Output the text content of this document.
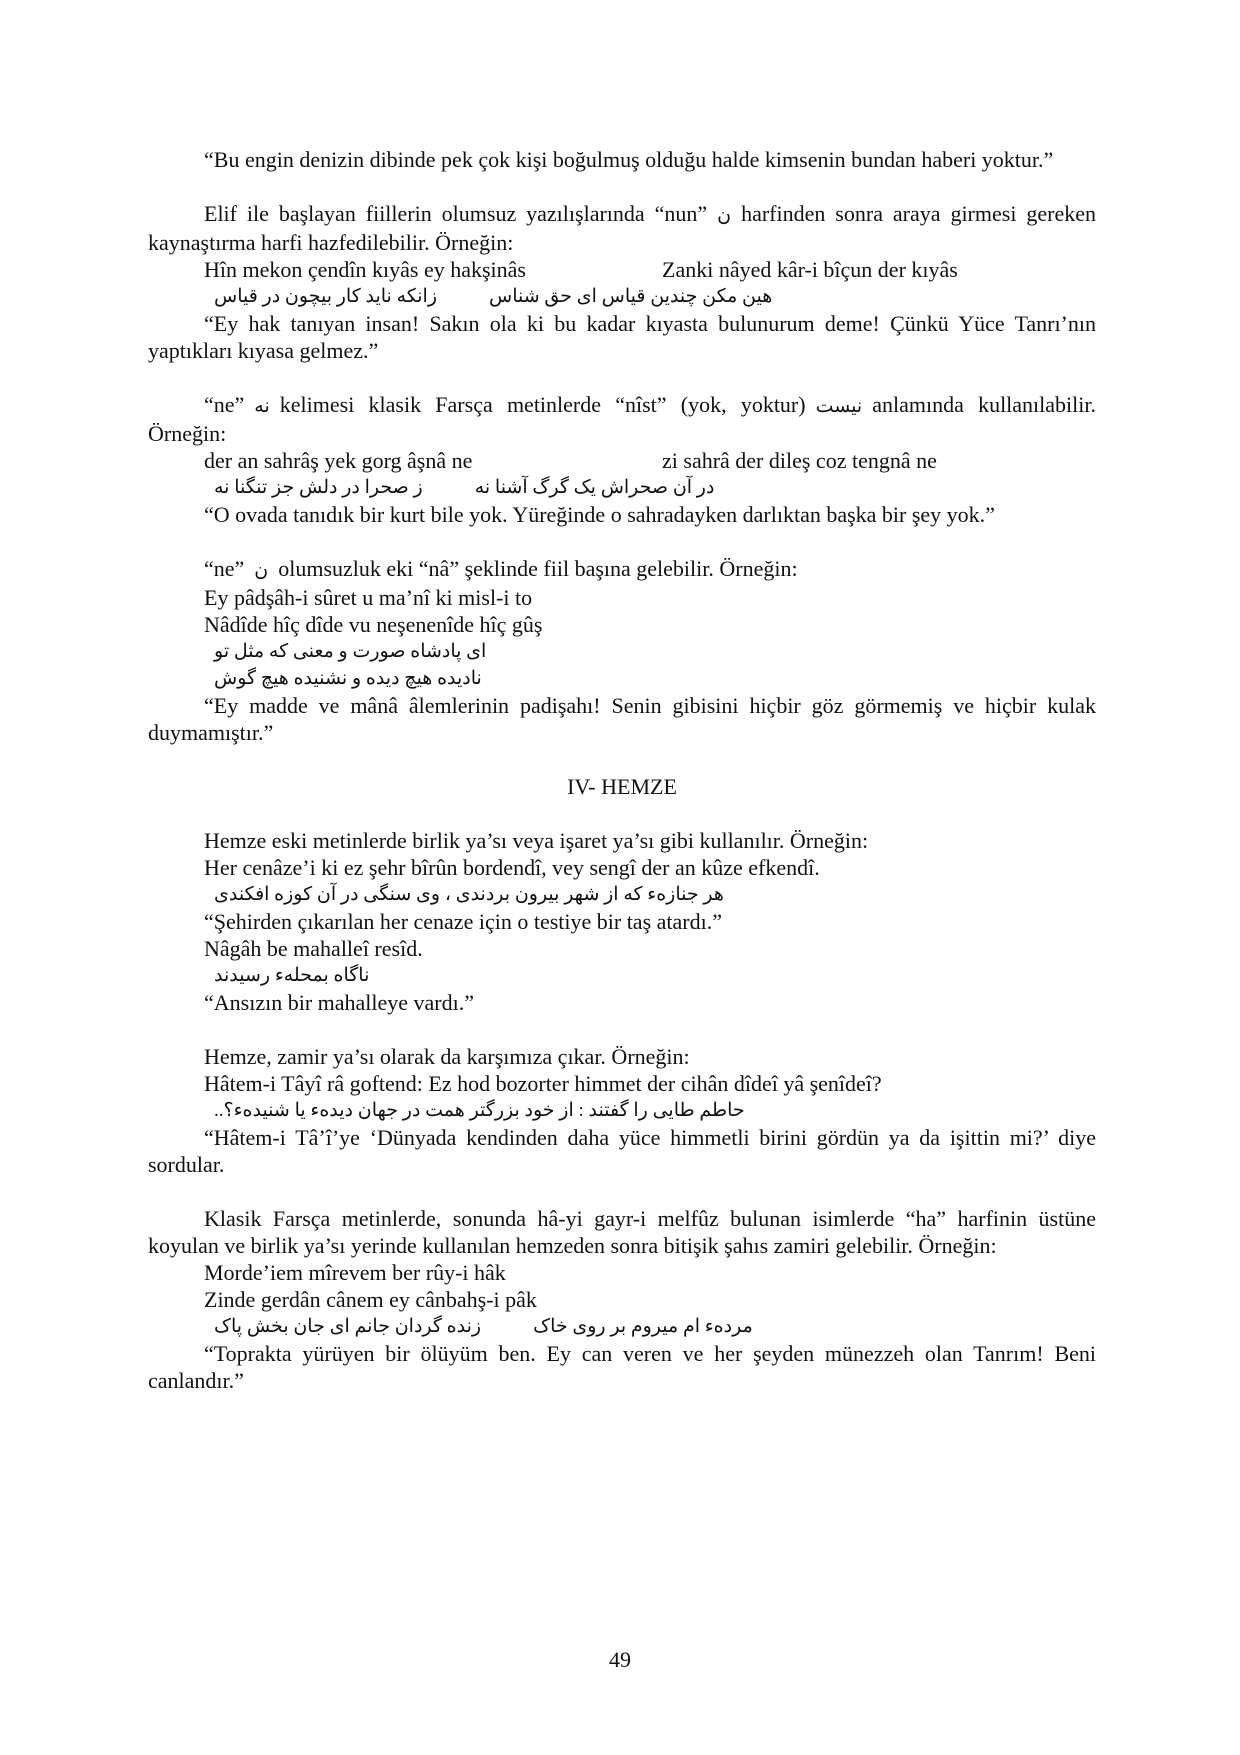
“Bu engin denizin dibinde pek çok kişi boğulmuş olduğu halde kimsenin bundan haberi yoktur.”

Elif ile başlayan fiillerin olumsuz yazılışlarında “nun” ن harfinden sonra araya girmesi gereken kaynaştırma harfi hazfedilebilir. Örneğin:

Hîn mekon çendîn kıyâs ey hakşinâs	Zanki nâyed kâr-i bîçun der kıyâs
هین مکن چندین قیاس ای حق شناس
زانکه ناید کار بیچون در قیاس

“Ey hak tanıyan insan! Sakın ola ki bu kadar kıyasta bulunurum deme! Çünkü Yüce Tanrı’nın yaptıkları kıyasa gelmez.”

“ne” نه kelimesi klasik Farsça metinlerde “nîst” (yok, yoktur) نیست anlamında kullanılabilir. Örneğin:

der an sahrâş yek gorg âşnâ ne	zi sahrâ der dileş coz tengnâ ne
در آن صحراش یک گرگ آشنا نه
ز صحرا در دلش جز تنگنا نه

“O ovada tanıdık bir kurt bile yok. Yüreğinde o sahradayken darlıktan başka bir şey yok.”

“ne” ن olumsuzluk eki “nâ” şeklinde fiil başına gelebilir. Örneğin:

Ey pâdşâh-i sûret u ma’nî ki misl-i to

Nâdîde hîç dîde vu neşenenîde hîç gûş

ای پادشاه صورت و معنی که مثل تو

نادیده هیچ دیده و نشنیده هیچ گوش

“Ey madde ve mânâ âlemlerinin padişahı! Senin gibisini hiçbir göz görmemiş ve hiçbir kulak duymamıştır.”

IV- HEMZE

Hemze eski metinlerde birlik ya’sı veya işaret ya’sı gibi kullanılır. Örneğin:

Her cenâze’i ki ez şehr bîrûn bordendî, vey sengî der an kûze efkendî.

هر جنازهء که از شهر بیرون بردندی ، وی سنگی در آن کوزه افکندی

“Şehirden çıkarılan her cenaze için o testiye bir taş atardı.”

Nâgâh be mahalleî resîd.

ناگاه بمحلهء رسیدند

“Ansızın bir mahalleye vardı.”

Hemze, zamir ya’sı olarak da karşımıza çıkar. Örneğin:

Hâtem-i Tâyî râ goftend: Ez hod bozorter himmet der cihân dîdeî yâ şenîdeî?

حاطم طایی را گفتند : از خود بزرگتر همت در جهان دیدهء یا شنیدهء؟..

“Hâtem-i Tâ’î’ye ‘Dünyada kendinden daha yüce himmetli birini gördün ya da işittin mi?’ diye sordular.

Klasik Farsça metinlerde, sonunda hâ-yi gayr-i melfûz bulunan isimlerde “ha” harfinin üstüne koyulan ve birlik ya’sı yerinde kullanılan hemzeden sonra bitişik şahıs zamiri gelebilir. Örneğin:

Morde’iem mîrevem ber rûy-i hâk

Zinde gerdân cânem ey cânbahş-i pâk

مردهء ام میروم بر روی خاک
زنده گردان جانم ای جان بخش پاک

“Toprakta yürüyen bir ölüyüm ben. Ey can veren ve her şeyden münezzeh olan Tanrım! Beni canlandır.”

49
